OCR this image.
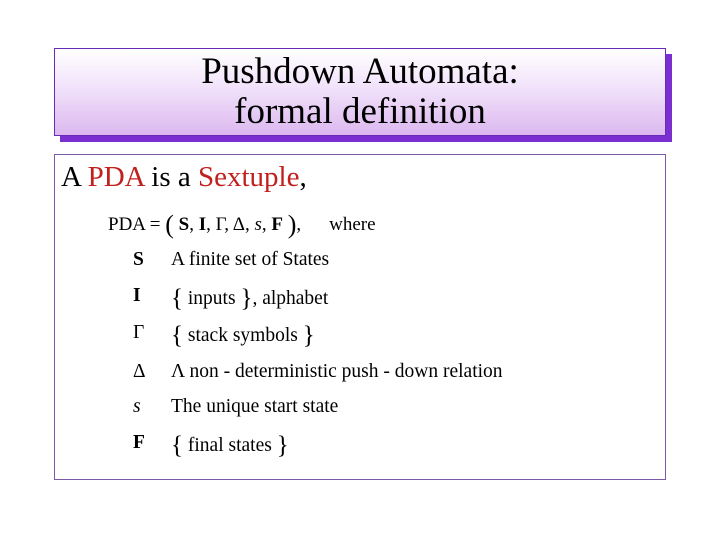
Pushdown Automata:
formal definition
A PDA is a Sextuple,
PDA = ( S, I, Γ, Δ, s, F ), where
S	A finite set of States
I	{ inputs }, alphabet
Γ	{ stack symbols }
Δ	Λ non - deterministic push - down relation
s	The unique start state
F	{ final states }
